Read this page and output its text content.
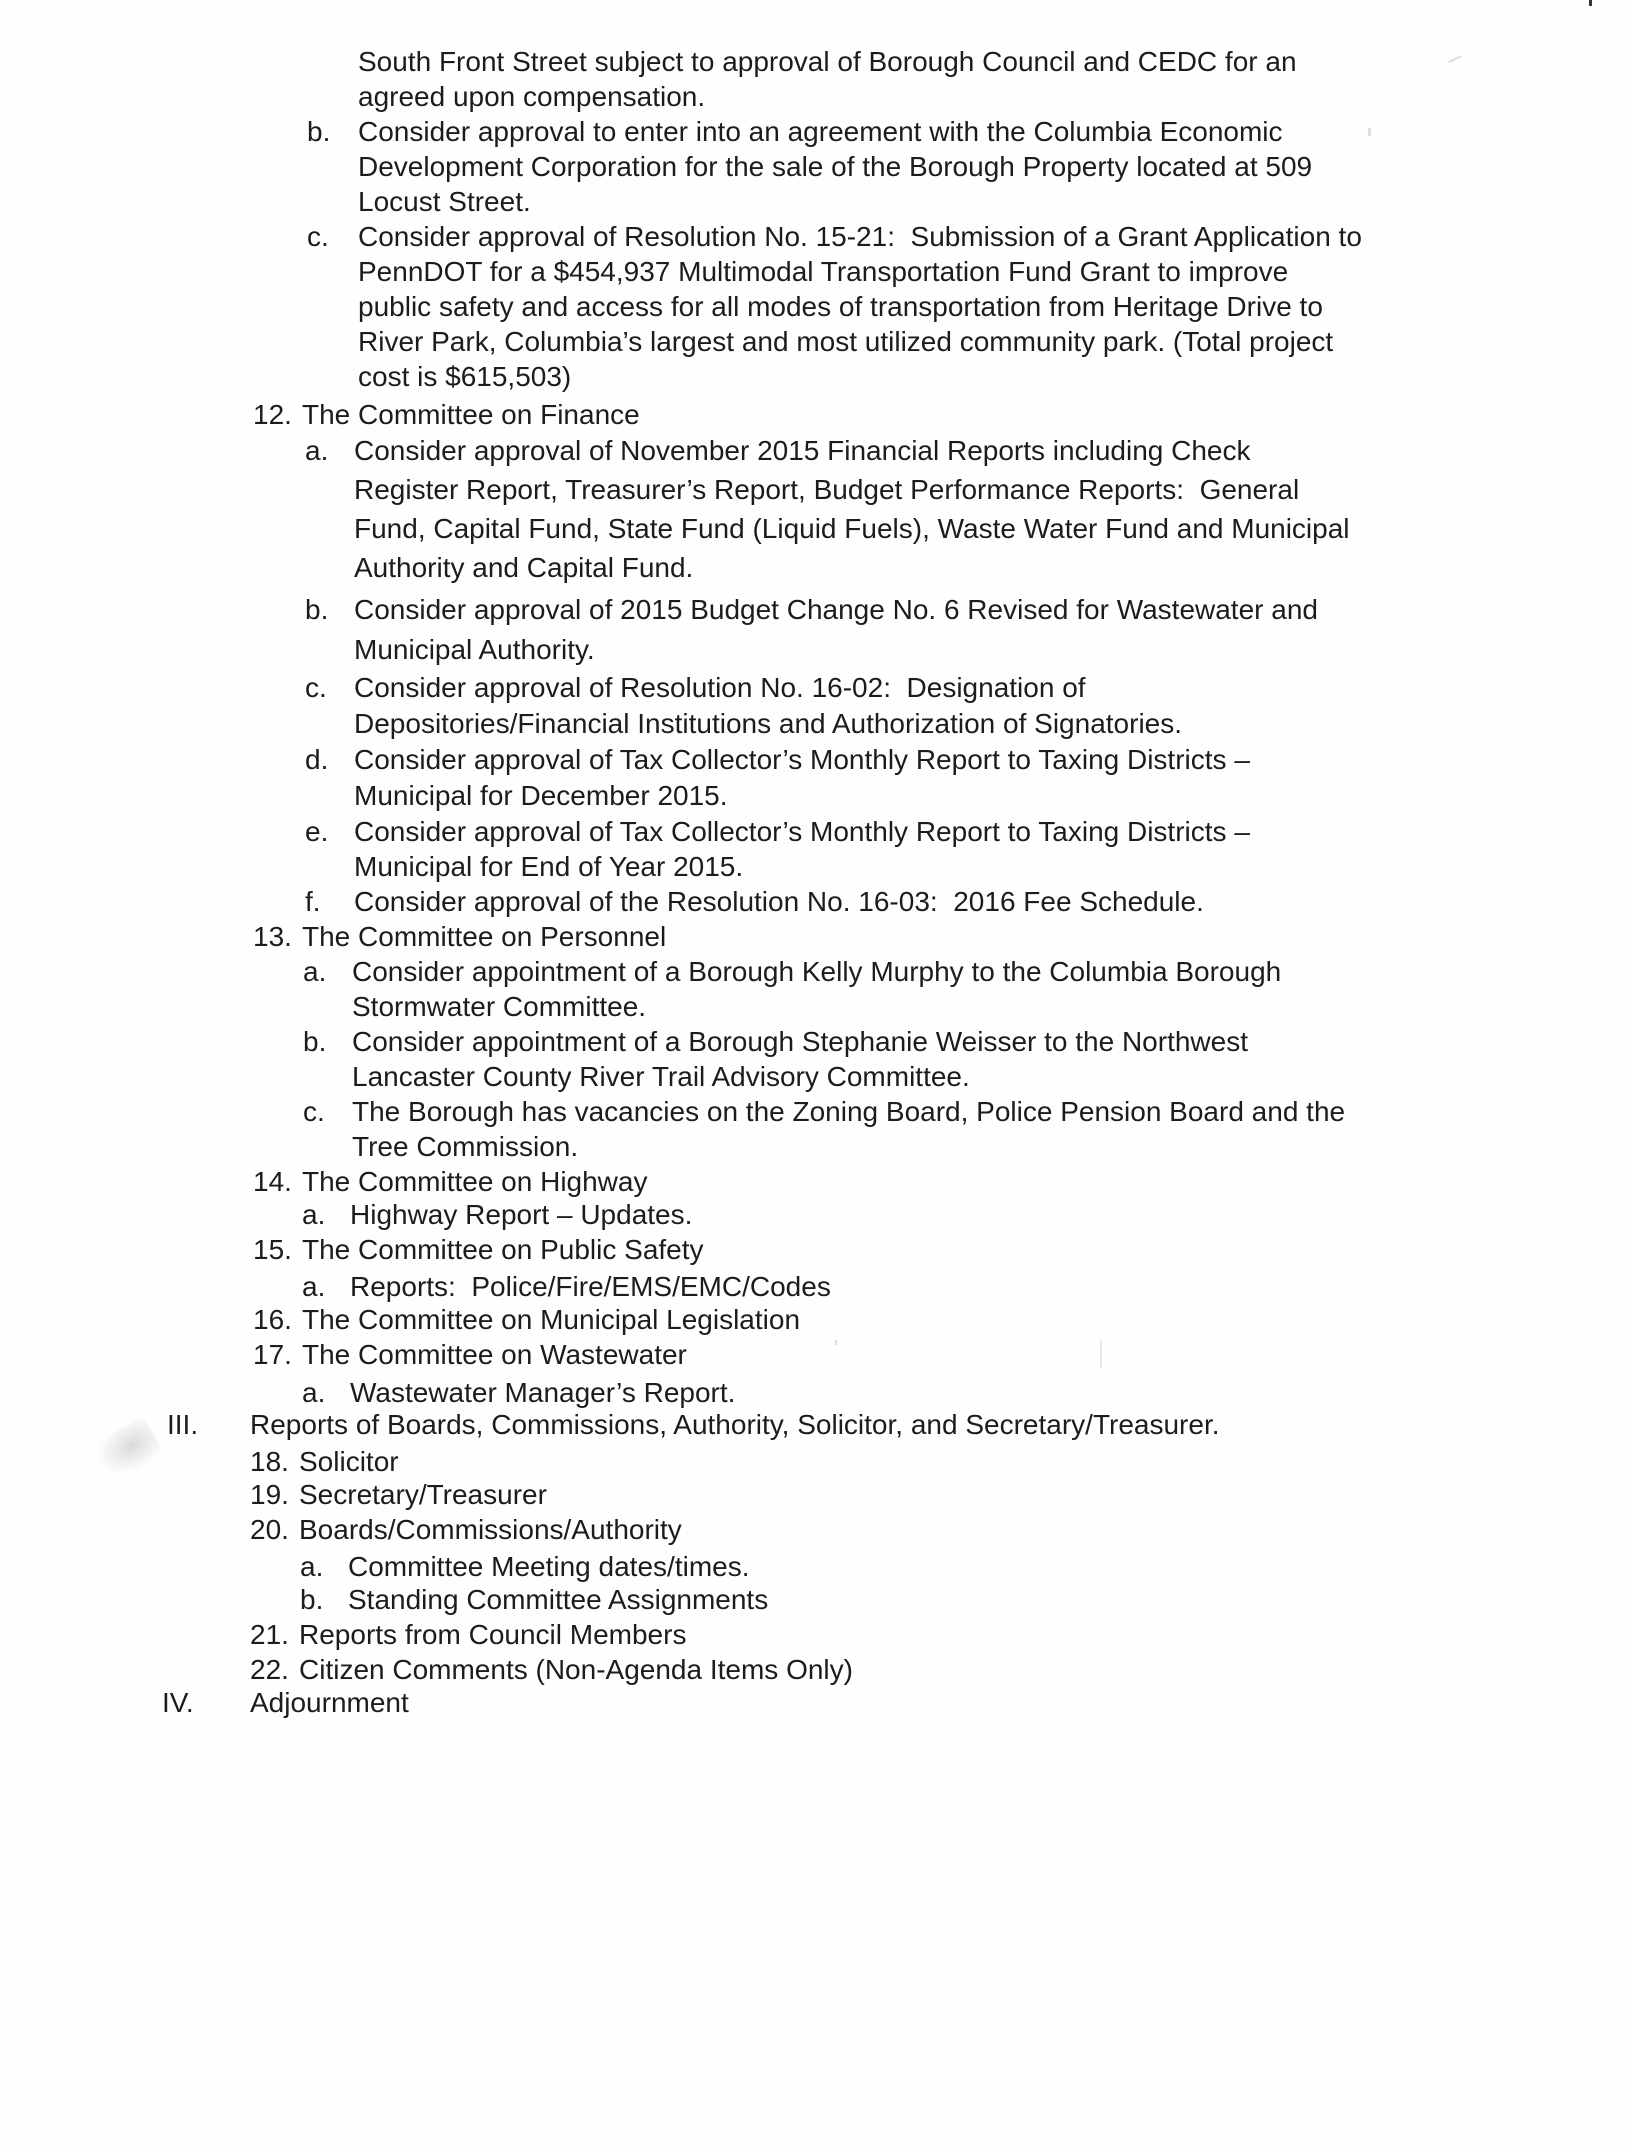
South Front Street subject to approval of Borough Council and CEDC for an
agreed upon compensation.
b. Consider approval to enter into an agreement with the Columbia Economic
Development Corporation for the sale of the Borough Property located at 509
Locust Street.
c. Consider approval of Resolution No. 15-21:  Submission of a Grant Application to
PennDOT for a $454,937 Multimodal Transportation Fund Grant to improve
public safety and access for all modes of transportation from Heritage Drive to
River Park, Columbia’s largest and most utilized community park. (Total project
cost is $615,503)
12. The Committee on Finance
a. Consider approval of November 2015 Financial Reports including Check
Register Report, Treasurer’s Report, Budget Performance Reports:  General
Fund, Capital Fund, State Fund (Liquid Fuels), Waste Water Fund and Municipal
Authority and Capital Fund.
b. Consider approval of 2015 Budget Change No. 6 Revised for Wastewater and
Municipal Authority.
c. Consider approval of Resolution No. 16-02:  Designation of
Depositories/Financial Institutions and Authorization of Signatories.
d. Consider approval of Tax Collector’s Monthly Report to Taxing Districts –
Municipal for December 2015.
e. Consider approval of Tax Collector’s Monthly Report to Taxing Districts –
Municipal for End of Year 2015.
f. Consider approval of the Resolution No. 16-03:  2016 Fee Schedule.
13. The Committee on Personnel
a. Consider appointment of a Borough Kelly Murphy to the Columbia Borough
Stormwater Committee.
b. Consider appointment of a Borough Stephanie Weisser to the Northwest
Lancaster County River Trail Advisory Committee.
c. The Borough has vacancies on the Zoning Board, Police Pension Board and the
Tree Commission.
14. The Committee on Highway
a. Highway Report – Updates.
15. The Committee on Public Safety
a. Reports:  Police/Fire/EMS/EMC/Codes
16. The Committee on Municipal Legislation
17. The Committee on Wastewater
a. Wastewater Manager’s Report.
III. Reports of Boards, Commissions, Authority, Solicitor, and Secretary/Treasurer.
18. Solicitor
19. Secretary/Treasurer
20. Boards/Commissions/Authority
a. Committee Meeting dates/times.
b. Standing Committee Assignments
21. Reports from Council Members
22. Citizen Comments (Non-Agenda Items Only)
IV. Adjournment
